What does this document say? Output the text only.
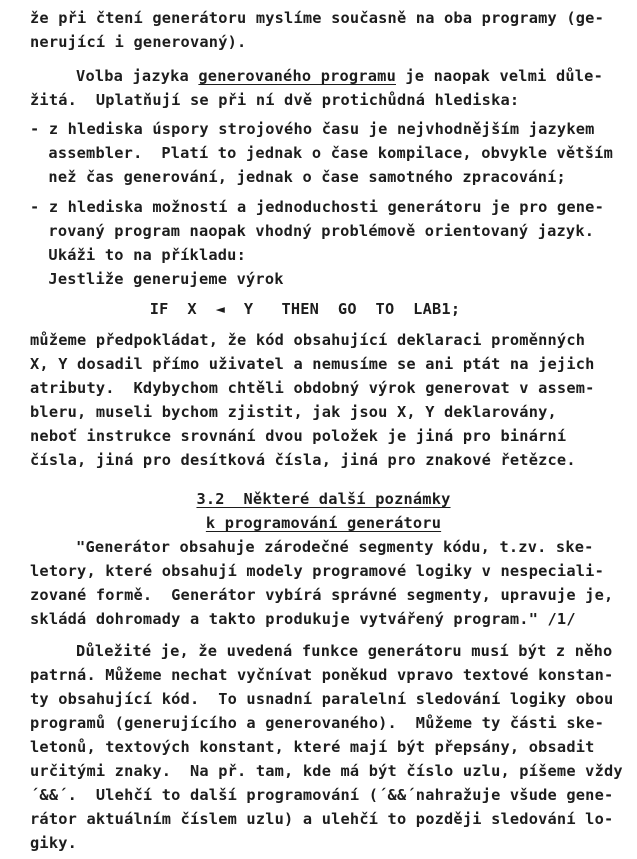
že při čtení generátoru myslíme současně na oba programy (ge-
nerující i generovaný).
Volba jazyka generovaného programu je naopak velmi důle-
žitá.  Uplatňují se při ní dvě protichůdná hlediska:
- z hlediska úspory strojového času je nejvhodnějším jazykem
assembler.  Platí to jednak o čase kompilace, obvykle větším
než čas generování, jednak o čase samotného zpracování;
- z hlediska možností a jednoduchosti generátoru je pro gene-
rovaný program naopak vhodný problémově orientovaný jazyk.
Ukáži to na příkladu:
Jestliže generujeme výrok
IF  X  ◄  Y   THEN  GO  TO  LAB1;
můžeme předpokládat, že kód obsahující deklaraci proměnných
X, Y dosadil přímo uživatel a nemusíme se ani ptát na jejich
atributy.  Kdybychom chtěli obdobný výrok generovat v assem-
bleru, museli bychom zjistit, jak jsou X, Y deklarovány,
neboť instrukce srovnání dvou položek je jiná pro binární
čísla, jiná pro desítková čísla, jiná pro znakové řetězce.
3.2  Některé další poznámky
k programování generátoru
"Generátor obsahuje zárodečné segmenty kódu, t.zv. ske-
letory, které obsahují modely programové logiky v nespeciali-
zované formě.  Generátor vybírá správné segmenty, upravuje je,
skládá dohromady a takto produkuje vytvářený program." /1/
Důležité je, že uvedená funkce generátoru musí být z něho
patrná. Můžeme nechat vyčnívat poněkud vpravo textové konstan-
ty obsahující kód.  To usnadní paralelní sledování logiky obou
programů (generujícího a generovaného).  Můžeme ty části ske-
letonů, textových konstant, které mají být přepsány, obsadit
určitými znaky.  Na př. tam, kde má být číslo uzlu, píšeme vždy
´&&´.  Ulehčí to další programování (´&&´nahražuje všude gene-
rátor aktuálním číslem uzlu) a ulehčí to později sledování lo-
giky.
